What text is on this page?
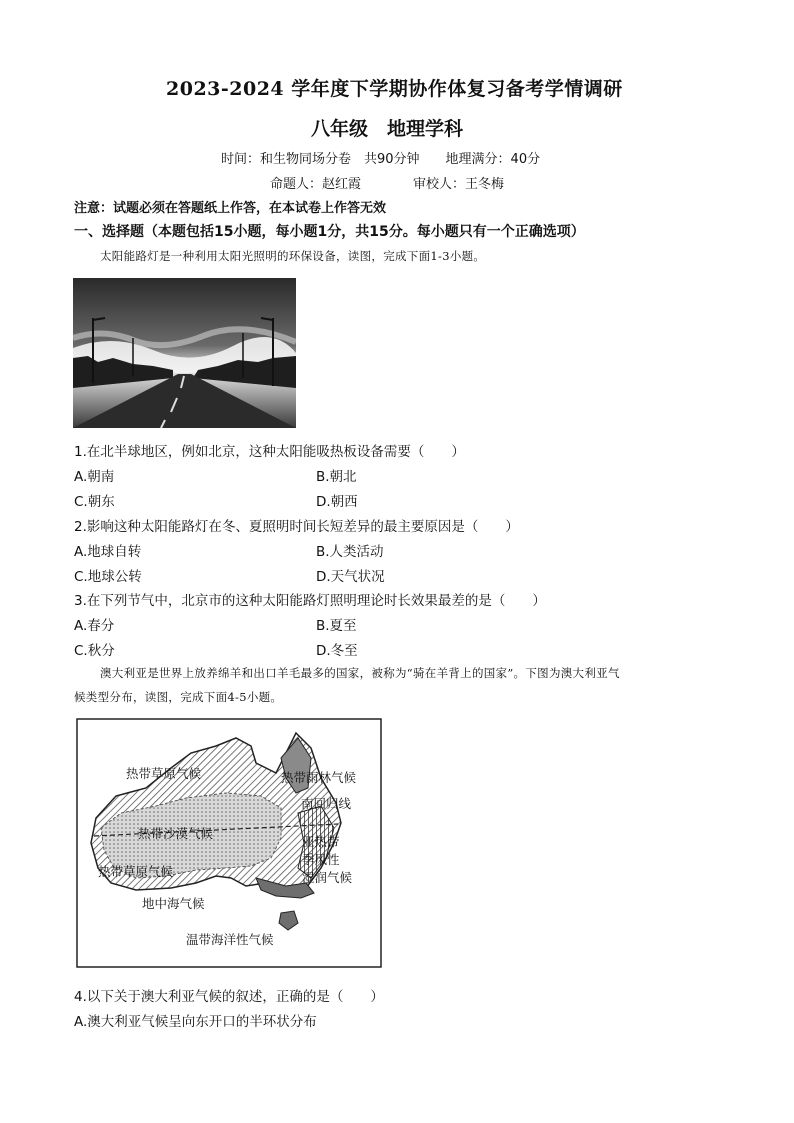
2023-2024 学年度下学期协作体复习备考学情调研
八年级　地理学科
时间：和生物同场分卷　共90分钟　　地理满分：40分
命题人：赵红霞　　　　审校人：王冬梅
注意：试题必须在答题纸上作答，在本试卷上作答无效
一、选择题（本题包括15小题，每小题1分，共15分。每小题只有一个正确选项）
太阳能路灯是一种利用太阳光照明的环保设备，读图，完成下面1-3小题。
1.在北半球地区，例如北京，这种太阳能吸热板设备需要（　　）
A.朝南	B.朝北
C.朝东	D.朝西
2.影响这种太阳能路灯在冬、夏照明时间长短差异的最主要原因是（　　）
A.地球自转	B.人类活动
C.地球公转	D.天气状况
3.在下列节气中，北京市的这种太阳能路灯照明理论时长效果最差的是（　　）
A.春分	B.夏至
C.秋分	D.冬至
澳大利亚是世界上放养绵羊和出口羊毛最多的国家，被称为“骑在羊背上的国家”。下图为澳大利亚气
候类型分布，读图，完成下面4-5小题。
热带草原气候	热带雨林气候
南回归线
热带沙漠气候
亚热带
季风性
湿润气候
热带草原气候
地中海气候
温带海洋性气候
4.以下关于澳大利亚气候的叙述，正确的是（　　）
A.澳大利亚气候呈向东开口的半环状分布
